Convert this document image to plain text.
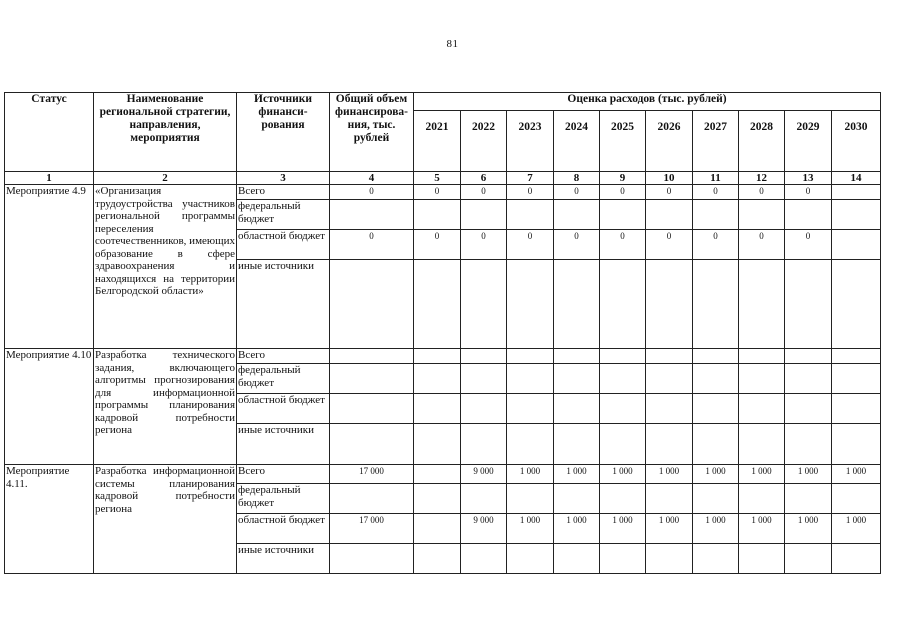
81
Статус	Наименование региональной стратегии, направления, мероприятия	Источники финанси-рования	Общий объем финансирова-ния, тыс. рублей	Оценка расходов (тыс. рублей)									
				2021	2022	2023	2024	2025	2026	2027	2028	2029	2030
1	2	3	4	5	6	7	8	9	10	11	12	13	14
Мероприятие 4.9	«Организация трудоустройства участников региональной программы переселения соотечественников, имеющих образование в сфере здравоохранения и находящихся на территории Белгородской области»	Всего	0	0	0	0	0	0	0	0	0	0	
		федеральный бюджет											
		областной бюджет	0	0	0	0	0	0	0	0	0	0	
		иные источники											
Мероприятие 4.10	Разработка технического задания, включающего алгоритмы прогнозирования для информационной программы планирования кадровой потребности региона	Всего											
		федеральный бюджет											
		областной бюджет											
		иные источники											
Мероприятие 4.11.	Разработка информационной системы планирования кадровой потребности региона	Всего	17 000		9 000	1 000	1 000	1 000	1 000	1 000	1 000	1 000	1 000
		федеральный бюджет											
		областной бюджет	17 000		9 000	1 000	1 000	1 000	1 000	1 000	1 000	1 000	1 000
		иные источники											
